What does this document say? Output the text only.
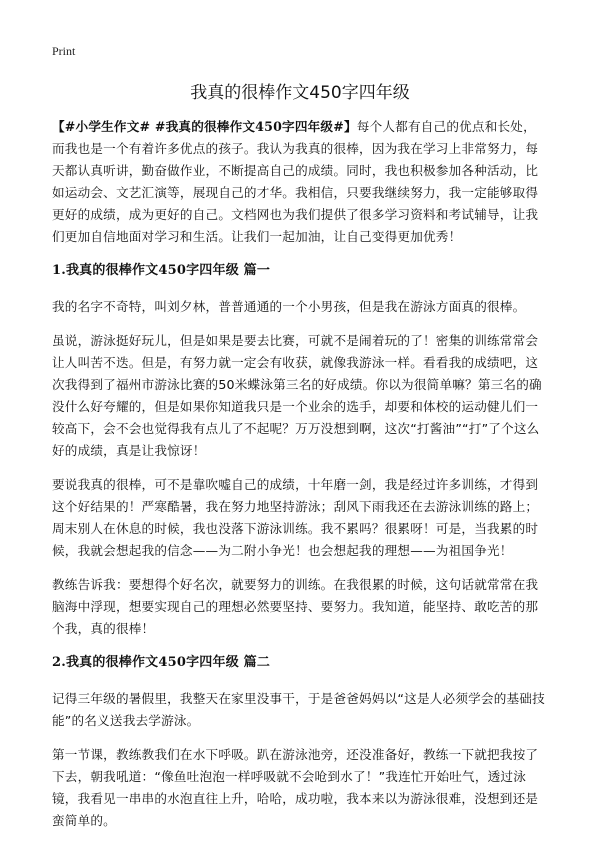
Print
我真的很棒作文450字四年级

【#小学生作文# #我真的很棒作文450字四年级#】每个人都有自己的优点和长处，而我也是一个有着许多优点的孩子。我认为我真的很棒，因为我在学习上非常努力，每天都认真听讲，勤奋做作业，不断提高自己的成绩。同时，我也积极参加各种活动，比如运动会、文艺汇演等，展现自己的才华。我相信，只要我继续努力，我一定能够取得更好的成绩，成为更好的自己。文档网也为我们提供了很多学习资料和考试辅导，让我们更加自信地面对学习和生活。让我们一起加油，让自己变得更加优秀！

1.我真的很棒作文450字四年级 篇一

我的名字不奇特，叫刘夕林，普普通通的一个小男孩，但是我在游泳方面真的很棒。

虽说，游泳挺好玩儿，但是如果是要去比赛，可就不是闹着玩的了！密集的训练常常会让人叫苦不迭。但是，有努力就一定会有收获，就像我游泳一样。看看我的成绩吧，这次我得到了福州市游泳比赛的50米蝶泳第三名的好成绩。你以为很简单嘛？第三名的确没什么好夸耀的，但是如果你知道我只是一个业余的选手，却要和体校的运动健儿们一较高下，会不会也觉得我有点儿了不起呢？万万没想到啊，这次“打酱油”“打”了个这么好的成绩，真是让我惊讶！

要说我真的很棒，可不是靠吹嘘自己的成绩，十年磨一剑，我是经过许多训练，才得到这个好结果的！严寒酷暑，我在努力地坚持游泳；刮风下雨我还在去游泳训练的路上；周末别人在休息的时候，我也没落下游泳训练。我不累吗？很累呀！可是，当我累的时候，我就会想起我的信念——为二附小争光！也会想起我的理想——为祖国争光！

教练告诉我：要想得个好名次，就要努力的训练。在我很累的时候，这句话就常常在我脑海中浮现，想要实现自己的理想必然要坚持、要努力。我知道，能坚持、敢吃苦的那个我，真的很棒！

2.我真的很棒作文450字四年级 篇二

记得三年级的暑假里，我整天在家里没事干，于是爸爸妈妈以“这是人必须学会的基础技能”的名义送我去学游泳。

第一节课，教练教我们在水下呼吸。趴在游泳池旁，还没准备好，教练一下就把我按了下去，朝我吼道：“像鱼吐泡泡一样呼吸就不会呛到水了！”我连忙开始吐气，透过泳镜，我看见一串串的水泡直往上升，哈哈，成功啦，我本来以为游泳很难，没想到还是蛮简单的。
